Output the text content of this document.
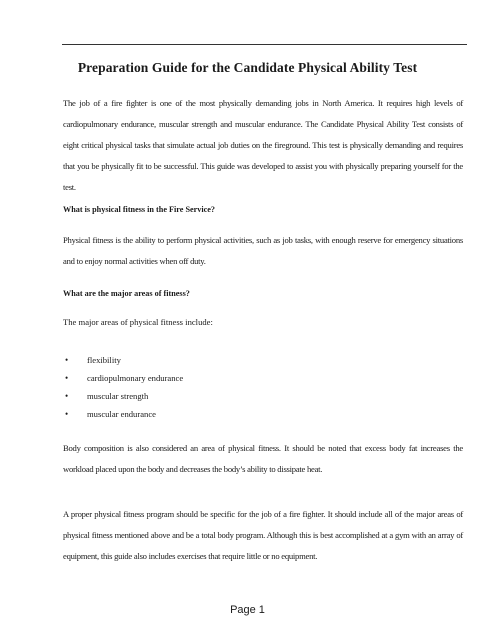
Preparation Guide for the Candidate Physical Ability Test
The job of a fire fighter is one of the most physically demanding jobs in North America. It requires high levels of cardiopulmonary endurance, muscular strength and muscular endurance. The Candidate Physical Ability Test consists of eight critical physical tasks that simulate actual job duties on the fireground. This test is physically demanding and requires that you be physically fit to be successful. This guide was developed to assist you with physically preparing yourself for the test.
What is physical fitness in the Fire Service?
Physical fitness is the ability to perform physical activities, such as job tasks, with enough reserve for emergency situations and to enjoy normal activities when off duty.
What are the major areas of fitness?
The major areas of physical fitness include:
• flexibility
• cardiopulmonary endurance
• muscular strength
• muscular endurance
Body composition is also considered an area of physical fitness. It should be noted that excess body fat increases the workload placed upon the body and decreases the body’s ability to dissipate heat.
A proper physical fitness program should be specific for the job of a fire fighter. It should include all of the major areas of physical fitness mentioned above and be a total body program. Although this is best accomplished at a gym with an array of equipment, this guide also includes exercises that require little or no equipment.
Page 1
